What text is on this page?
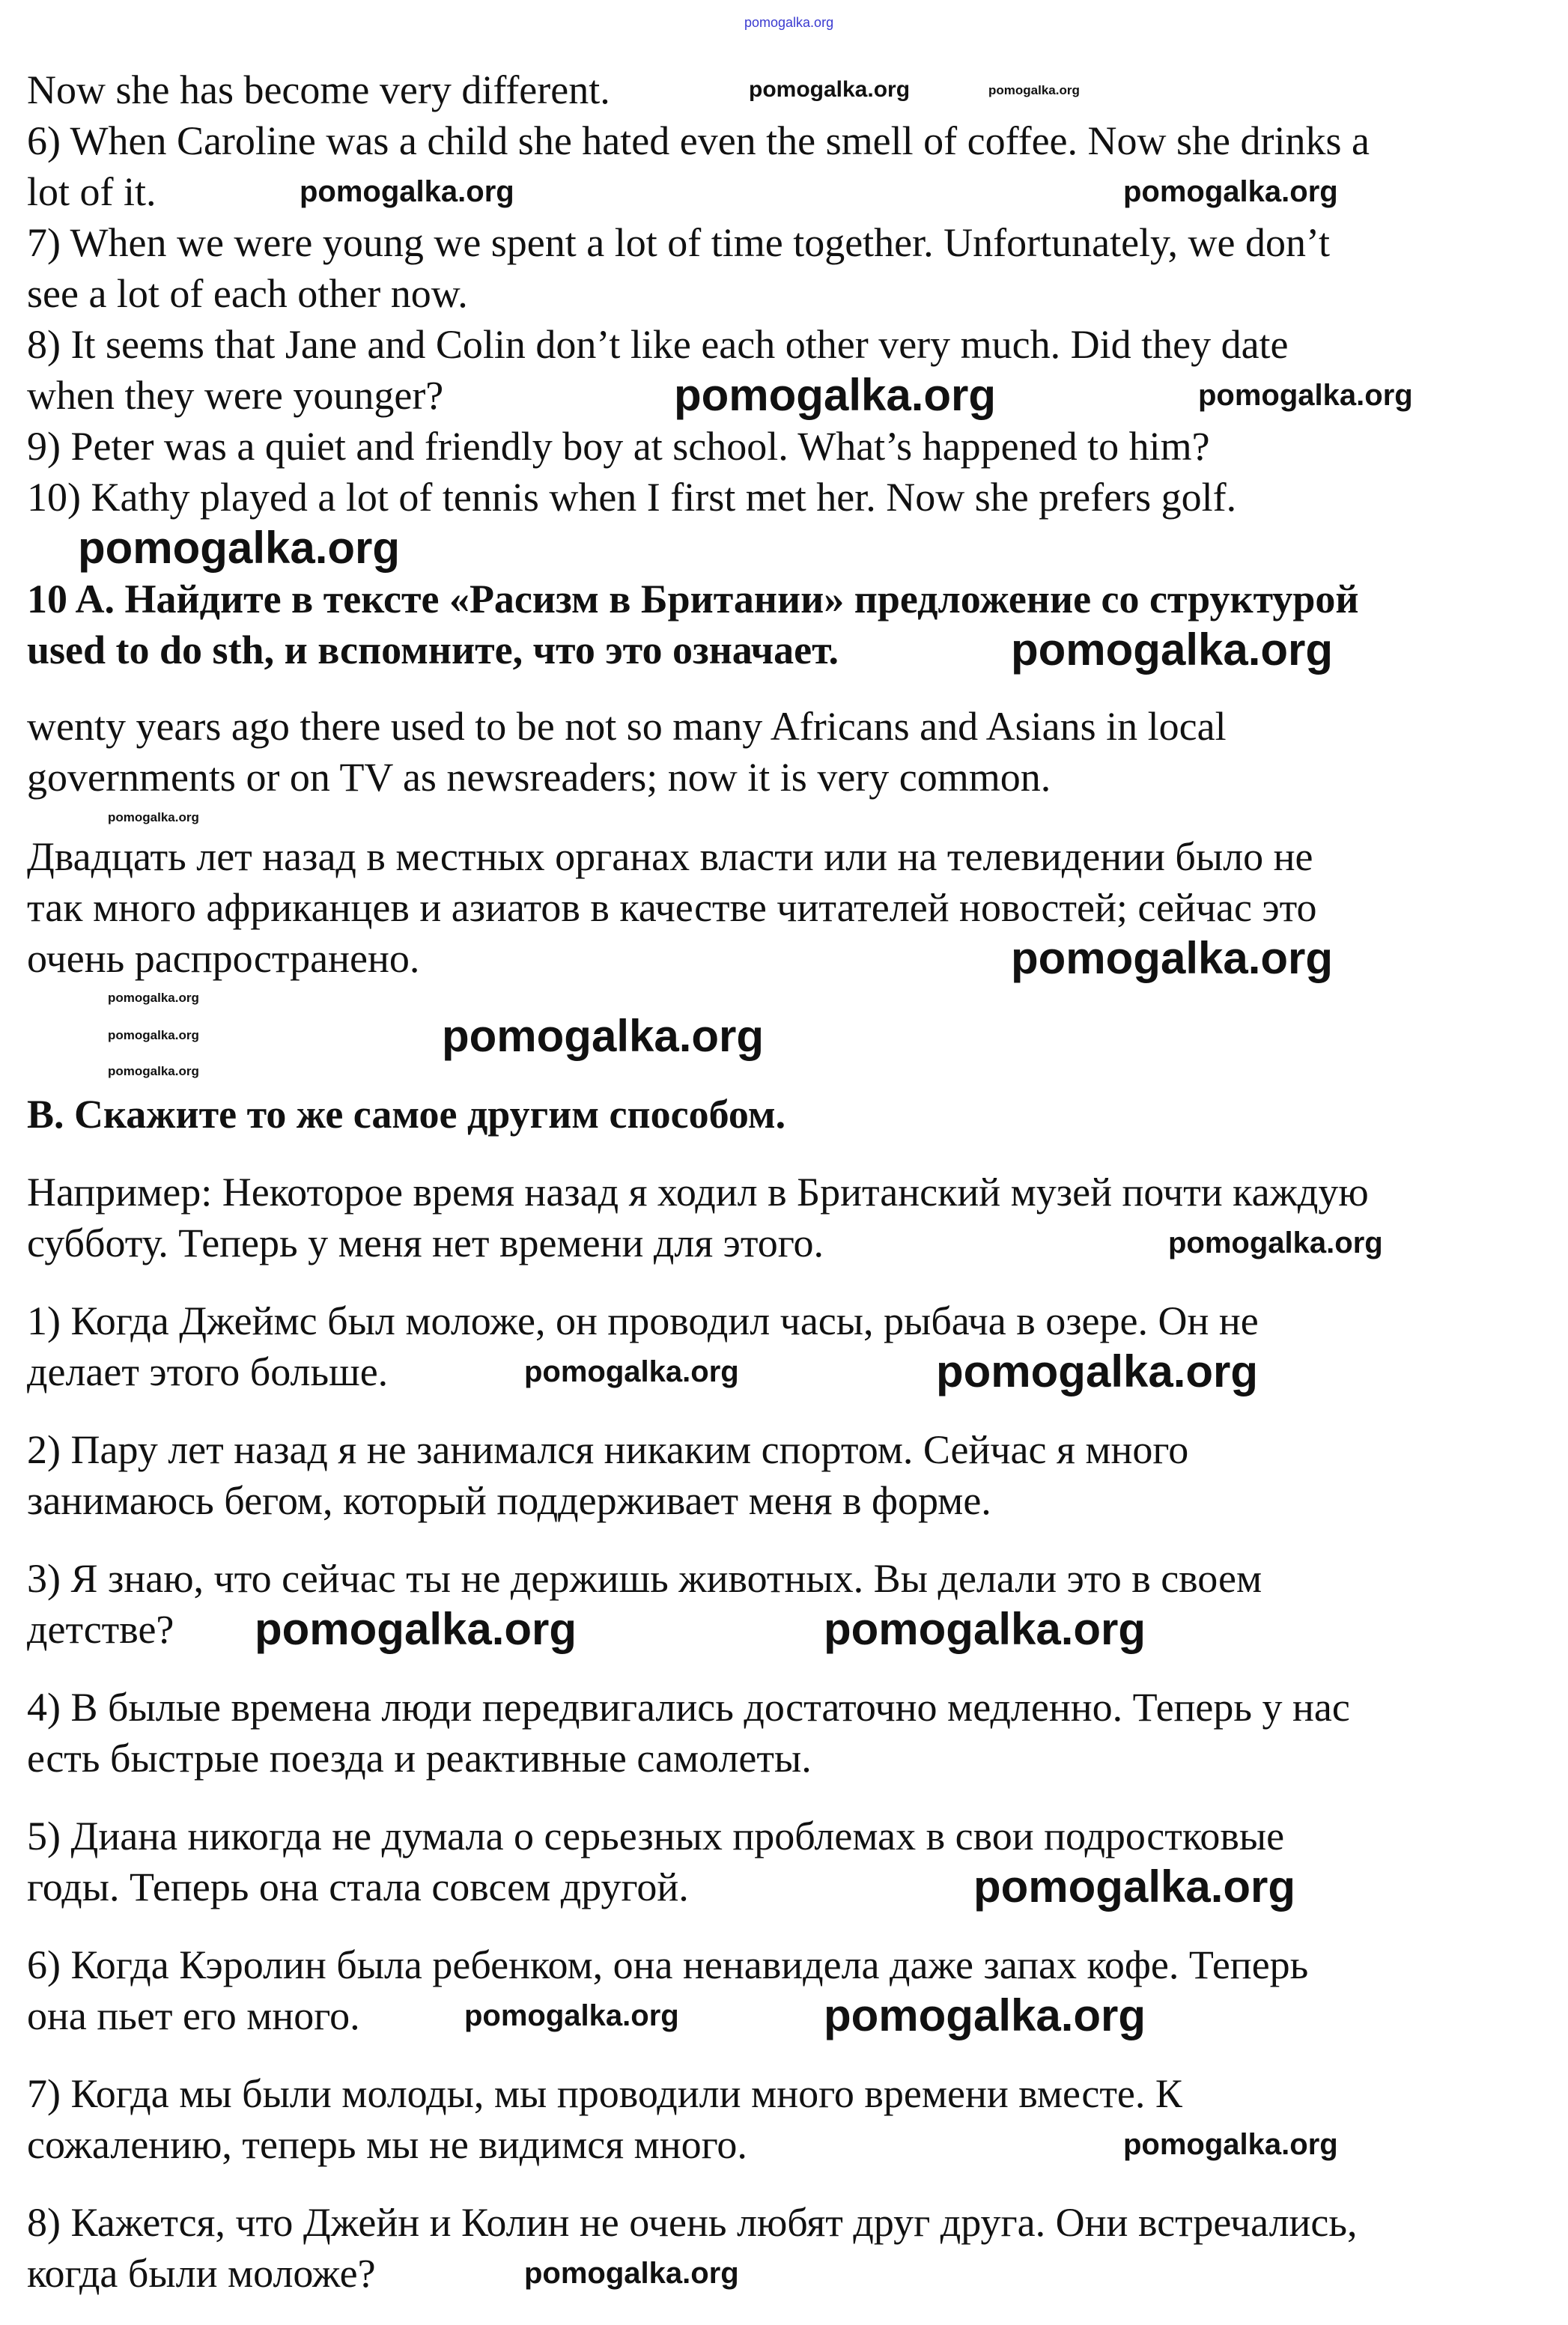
Now she has become very different.
6) When Caroline was a child she hated even the smell of coffee. Now she drinks a
lot of it.
7) When we were young we spent a lot of time together. Unfortunately, we don’t
see a lot of each other now.
8) It seems that Jane and Colin don’t like each other very much. Did they date
when they were younger?
9) Peter was a quiet and friendly boy at school. What’s happened to him?
10) Kathy played a lot of tennis when I first met her. Now she prefers golf.
10 A. Найдите в тексте «Расизм в Британии» предложение со структурой
used to do sth, и вспомните, что это означает.
wenty years ago there used to be not so many Africans and Asians in local
governments or on TV as newsreaders; now it is very common.
Двадцать лет назад в местных органах власти или на телевидении было не
так много африканцев и азиатов в качестве читателей новостей; сейчас это
очень распространено.
B. Скажите то же самое другим способом.
Например: Некоторое время назад я ходил в Британский музей почти каждую
субботу. Теперь у меня нет времени для этого.
1) Когда Джеймс был моложе, он проводил часы, рыбача в озере. Он не
делает этого больше.
2) Пару лет назад я не занимался никаким спортом. Сейчас я много
занимаюсь бегом, который поддерживает меня в форме.
3) Я знаю, что сейчас ты не держишь животных. Вы делали это в своем
детстве?
4) В былые времена люди передвигались достаточно медленно. Теперь у нас
есть быстрые поезда и реактивные самолеты.
5) Диана никогда не думала о серьезных проблемах в свои подростковые
годы. Теперь она стала совсем другой.
6) Когда Кэролин была ребенком, она ненавидела даже запах кофе. Теперь
она пьет его много.
7) Когда мы были молоды, мы проводили много времени вместе. К
сожалению, теперь мы не видимся много.
8) Кажется, что Джейн и Колин не очень любят друг друга. Они встречались,
когда были моложе?
pomogalka.org
pomogalka.org	pomogalka.org
pomogalka.org	pomogalka.org
pomogalka.org	pomogalka.org
pomogalka.org
pomogalka.org
pomogalka.org
pomogalka.org
pomogalka.org
pomogalka.org
pomogalka.org
pomogalka.org
pomogalka.org
pomogalka.org	pomogalka.org
pomogalka.org	pomogalka.org
pomogalka.org
pomogalka.org	pomogalka.org
pomogalka.org
pomogalka.org
